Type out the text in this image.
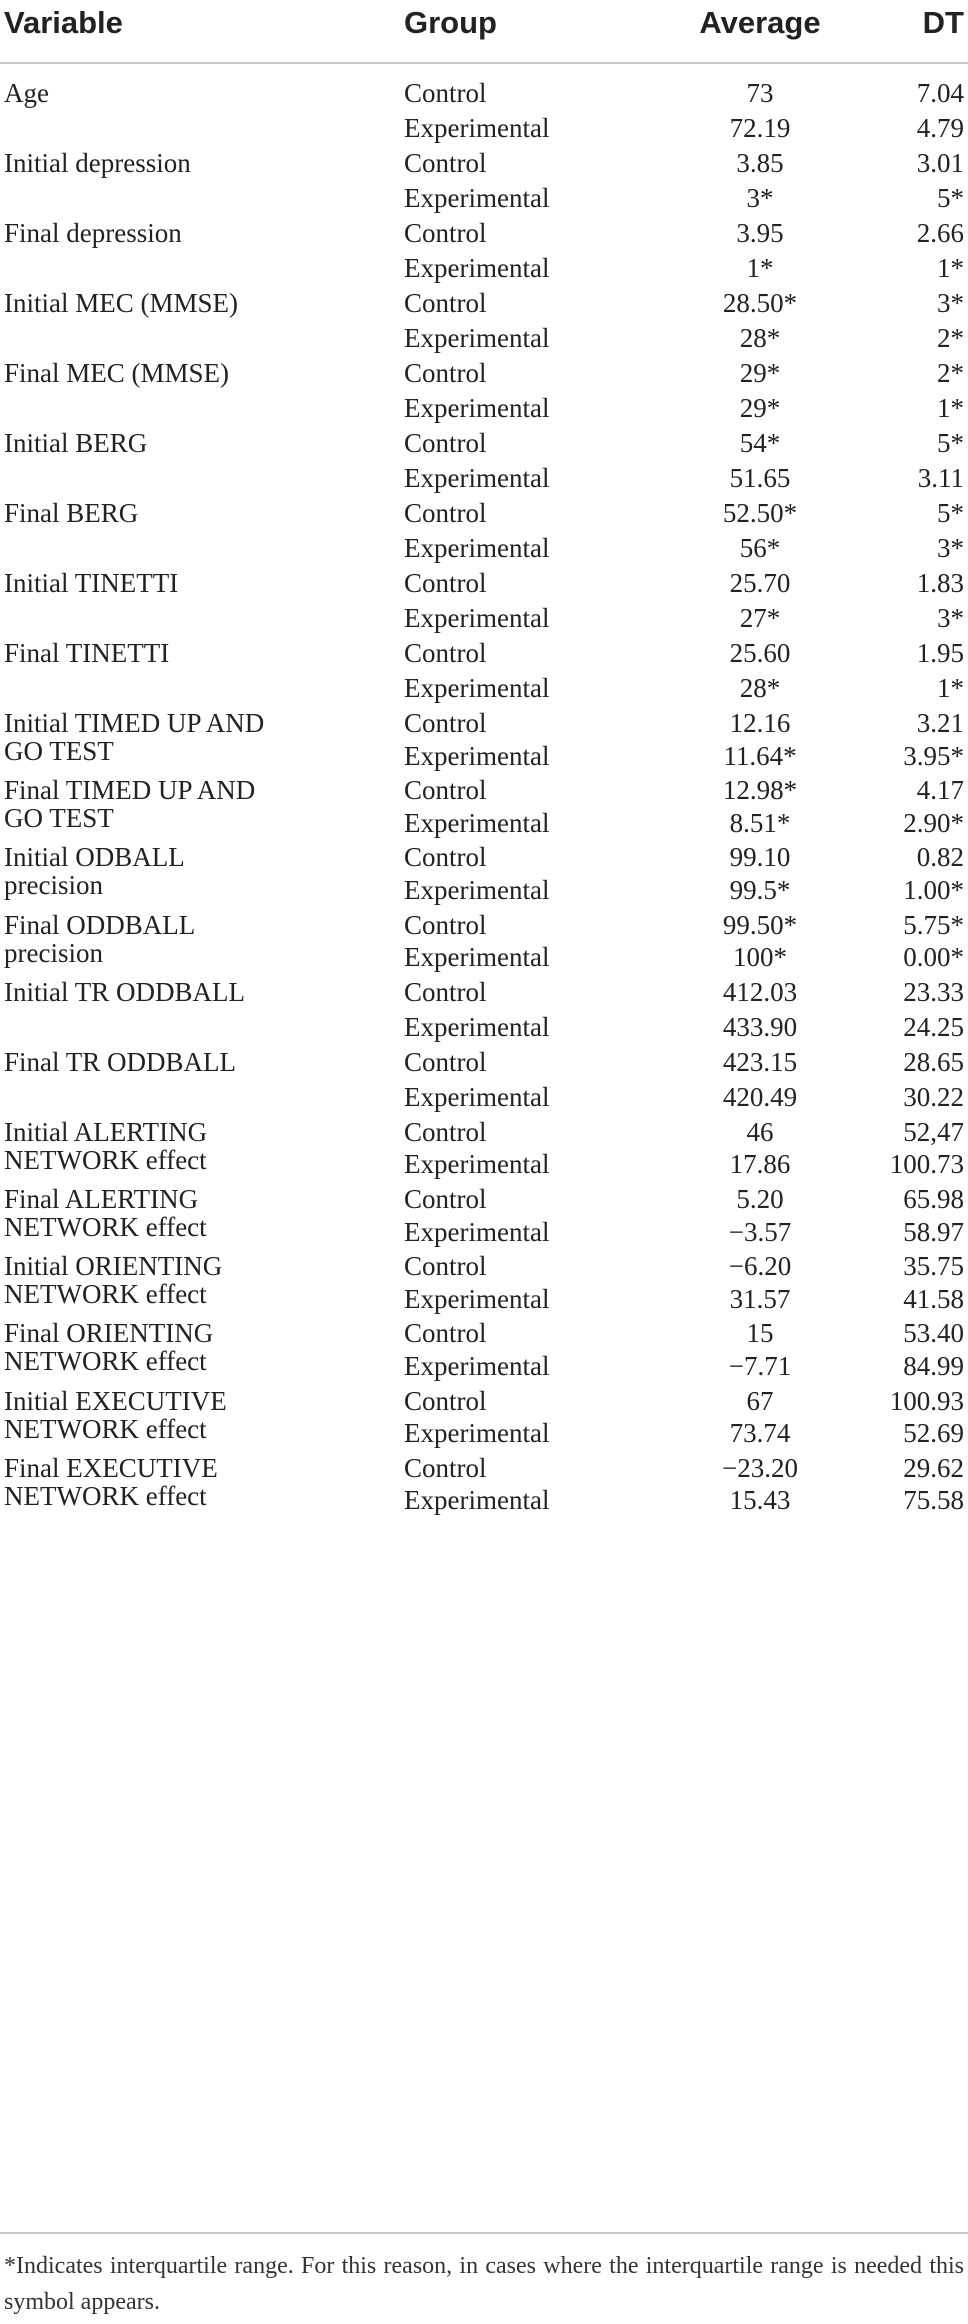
Variable	Group	Average	DT
Age	Control	73	7.04
Experimental	72.19	4.79
Initial depression	Control	3.85	3.01
Experimental	3*	5*
Final depression	Control	3.95	2.66
Experimental	1*	1*
Initial MEC (MMSE)	Control	28.50*	3*
Experimental	28*	2*
Final MEC (MMSE)	Control	29*	2*
Experimental	29*	1*
Initial BERG	Control	54*	5*
Experimental	51.65	3.11
Final BERG	Control	52.50*	5*
Experimental	56*	3*
Initial TINETTI	Control	25.70	1.83
Experimental	27*	3*
Final TINETTI	Control	25.60	1.95
Experimental	28*	1*
Initial TIMED UP AND
GO TEST
Control	12.16	3.21
Experimental	11.64*	3.95*
Final TIMED UP AND
GO TEST
Control	12.98*	4.17
Experimental	8.51*	2.90*
Initial ODBALL
precision
Control	99.10	0.82
Experimental	99.5*	1.00*
Final ODDBALL
precision
Control	99.50*	5.75*
Experimental	100*	0.00*
Initial TR ODDBALL	Control	412.03	23.33
Experimental	433.90	24.25
Final TR ODDBALL	Control	423.15	28.65
Experimental	420.49	30.22
Initial ALERTING
NETWORK effect
Control	46	52,47
Experimental	17.86	100.73
Final ALERTING
NETWORK effect
Control	5.20	65.98
Experimental	−3.57	58.97
Initial ORIENTING
NETWORK effect
Control	−6.20	35.75
Experimental	31.57	41.58
Final ORIENTING
NETWORK effect
Control	15	53.40
Experimental	−7.71	84.99
Initial EXECUTIVE
NETWORK effect
Control	67	100.93
Experimental	73.74	52.69
Final EXECUTIVE
NETWORK effect
Control	−23.20	29.62
Experimental	15.43	75.58
*Indicates interquartile range. For this reason, in cases where the interquartile range is needed this symbol appears.
